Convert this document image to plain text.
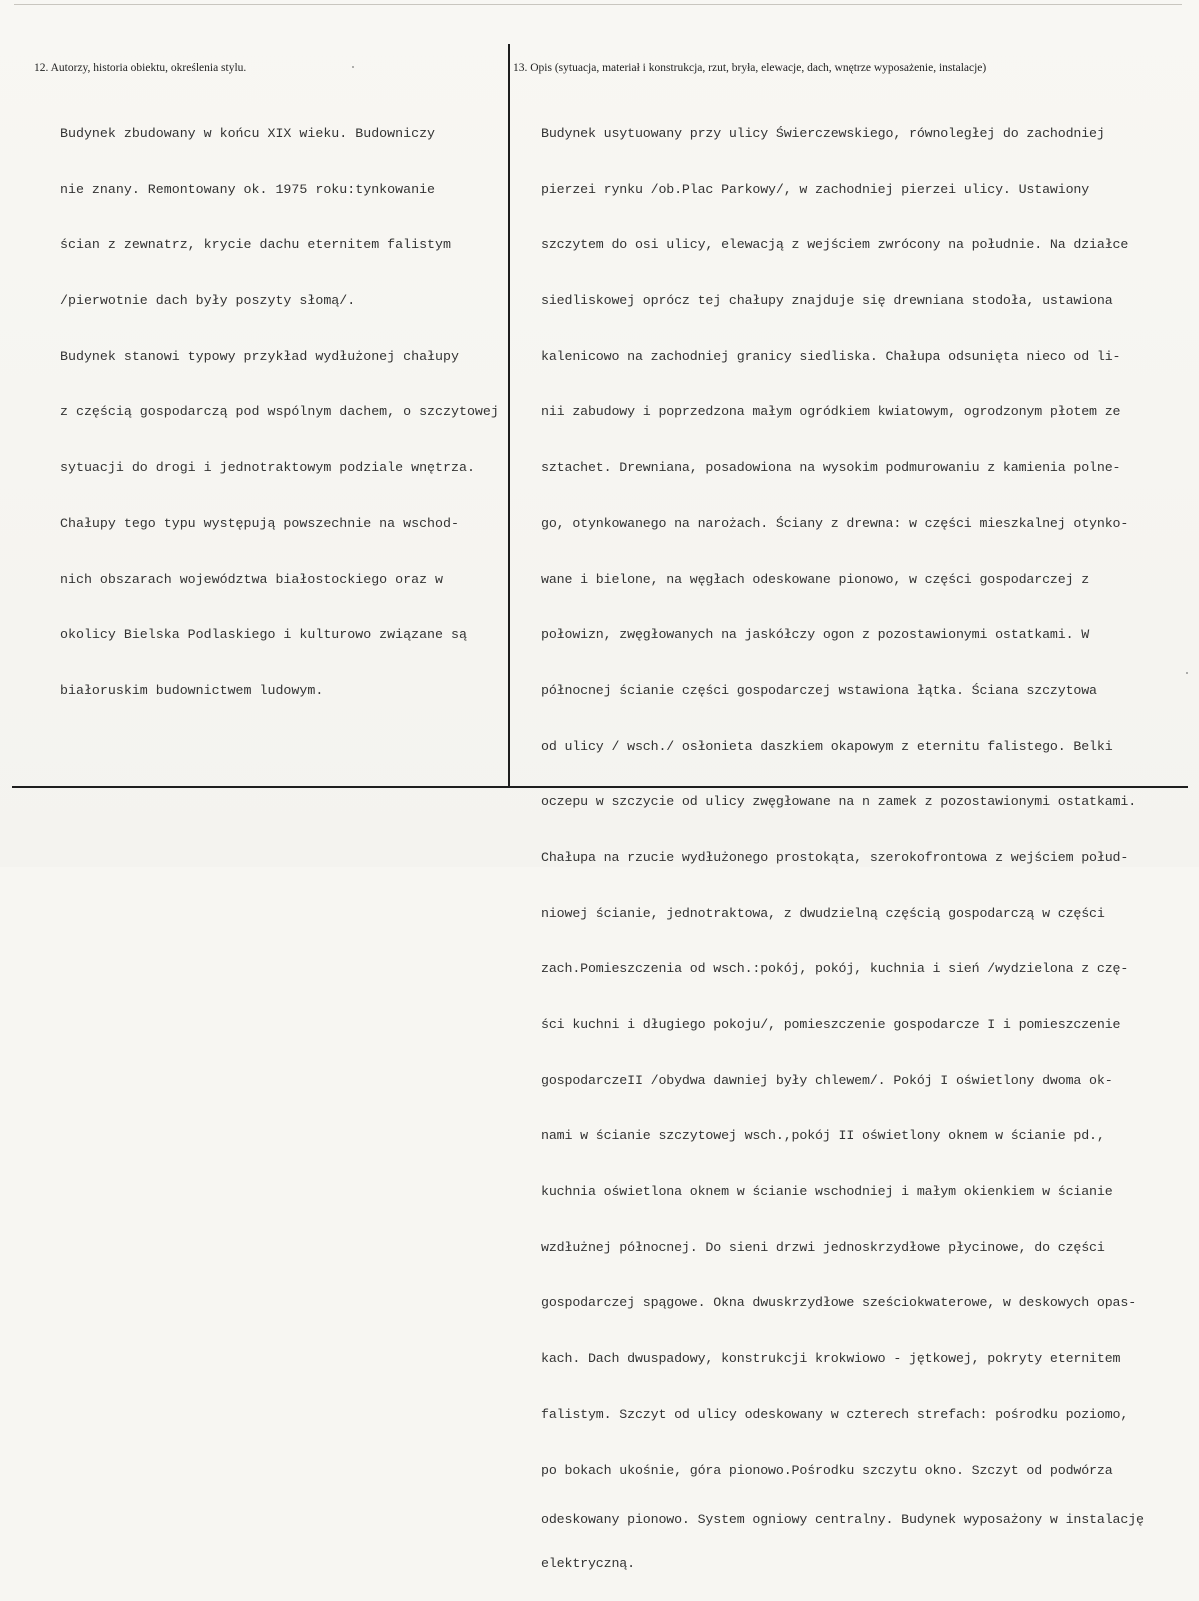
12. Autorzy, historia obiektu, określenia stylu.	13. Opis (sytuacja, materiał i konstrukcja, rzut, bryła, elewacje, dach, wnętrze wyposażenie, instalacje)

Budynek zbudowany w końcu XIX wieku. Budowniczy

nie znany. Remontowany ok. 1975 roku:tynkowanie

ścian z zewnatrz, krycie dachu eternitem falistym

/pierwotnie dach były poszyty słomą/.

Budynek stanowi typowy przykład wydłużonej chałupy

z częścią gospodarczą pod wspólnym dachem, o szczytowej

sytuacji do drogi i jednotraktowym podziale wnętrza.

Chałupy tego typu występują powszechnie na wschod-

nich obszarach województwa białostockiego oraz w

okolicy Bielska Podlaskiego i kulturowo związane są

białoruskim budownictwem ludowym.

Budynek usytuowany przy ulicy Świerczewskiego, równoległej do zachodniej

pierzei rynku /ob.Plac Parkowy/, w zachodniej pierzei ulicy. Ustawiony

szczytem do osi ulicy, elewacją z wejściem zwrócony na południe. Na działce

siedliskowej oprócz tej chałupy znajduje się drewniana stodoła, ustawiona

kalenicowo na zachodniej granicy siedliska. Chałupa odsunięta nieco od li-

nii zabudowy i poprzedzona małym ogródkiem kwiatowym, ogrodzonym płotem ze

sztachet. Drewniana, posadowiona na wysokim podmurowaniu z kamienia polne-

go, otynkowanego na narożach. Ściany z drewna: w części mieszkalnej otynko-

wane i bielone, na węgłach odeskowane pionowo, w części gospodarczej z

połowizn, zwęgłowanych na jaskółczy ogon z pozostawionymi ostatkami. W

północnej ścianie części gospodarczej wstawiona łątka. Ściana szczytowa

od ulicy / wsch./ osłonieta daszkiem okapowym z eternitu falistego. Belki

oczepu w szczycie od ulicy zwęgłowane na n zamek z pozostawionymi ostatkami.

Chałupa na rzucie wydłużonego prostokąta, szerokofrontowa z wejściem połud-

niowej ścianie, jednotraktowa, z dwudzielną częścią gospodarczą w części

zach.Pomieszczenia od wsch.:pokój, pokój, kuchnia i sień /wydzielona z czę-

ści kuchni i długiego pokoju/, pomieszczenie gospodarcze I i pomieszczenie

gospodarczeII /obydwa dawniej były chlewem/. Pokój I oświetlony dwoma ok-

nami w ścianie szczytowej wsch.,pokój II oświetlony oknem w ścianie pd.,

kuchnia oświetlona oknem w ścianie wschodniej i małym okienkiem w ścianie

wzdłużnej północnej. Do sieni drzwi jednoskrzydłowe płycinowe, do części

gospodarczej spągowe. Okna dwuskrzydłowe sześciokwaterowe, w deskowych opas-

kach. Dach dwuspadowy, konstrukcji krokwiowo - jętkowej, pokryty eternitem

falistym. Szczyt od ulicy odeskowany w czterech strefach: pośrodku poziomo,

po bokach ukośnie, góra pionowo.Pośrodku szczytu okno. Szczyt od podwórza

odeskowany pionowo. System ogniowy centralny. Budynek wyposażony w instalację

elektryczną.
